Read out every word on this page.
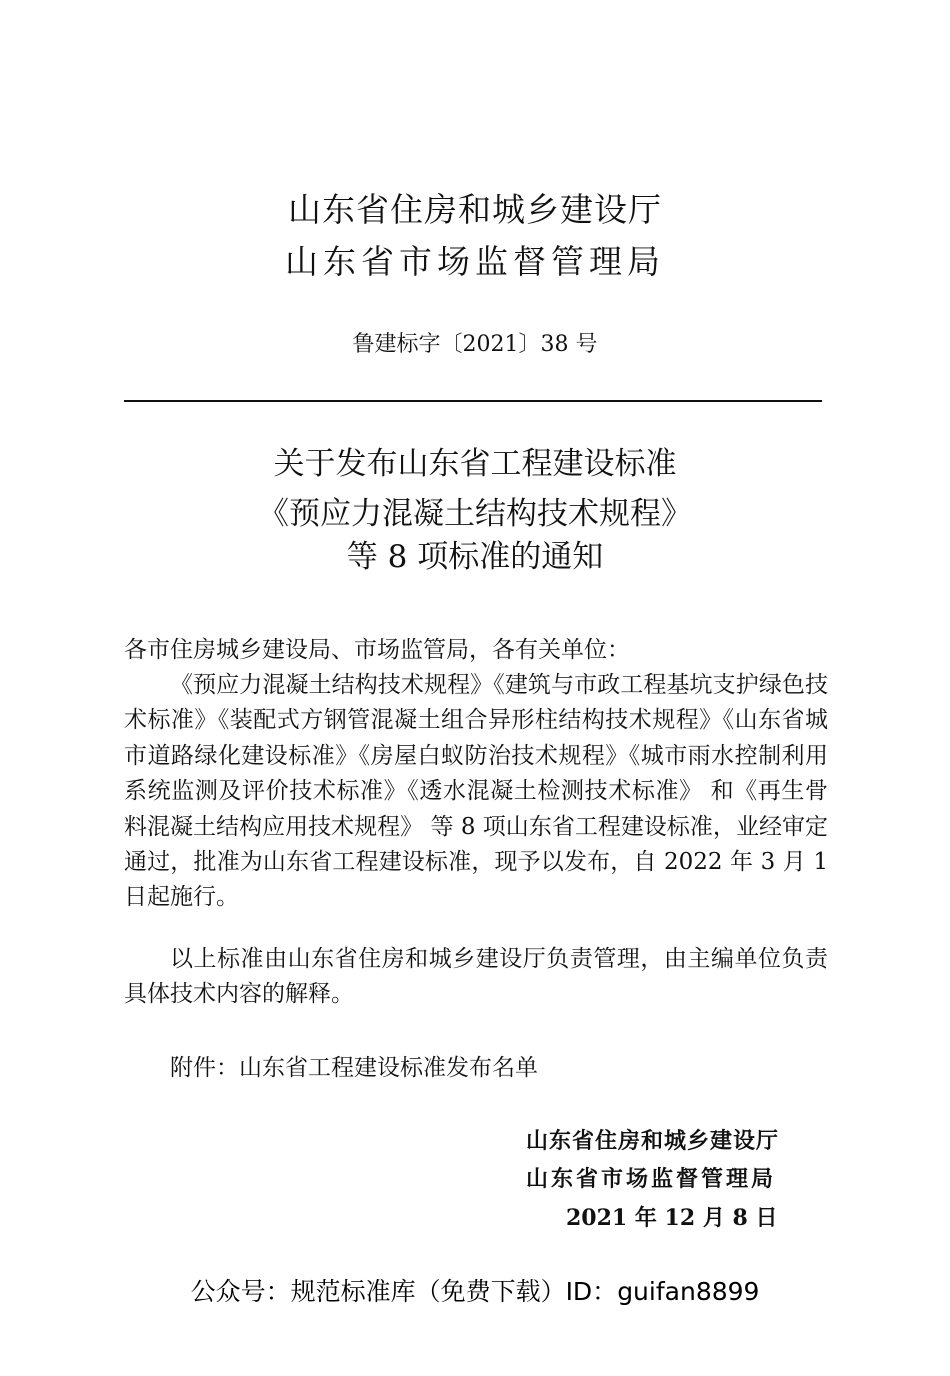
山东省住房和城乡建设厅
山东省市场监督管理局
鲁建标字〔2021〕38 号
关于发布山东省工程建设标准
《预应力混凝土结构技术规程》
等 8 项标准的通知
各市住房城乡建设局、市场监管局，各有关单位：
《预应力混凝土结构技术规程》《建筑与市政工程基坑支护绿色技术标准》《装配式方钢管混凝土组合异形柱结构技术规程》《山东省城市道路绿化建设标准》《房屋白蚁防治技术规程》《城市雨水控制利用系统监测及评价技术标准》《透水混凝土检测技术标准》 和《再生骨料混凝土结构应用技术规程》 等 8 项山东省工程建设标准，业经审定通过，批准为山东省工程建设标准，现予以发布，自 2022 年 3 月 1 日起施行。
以上标准由山东省住房和城乡建设厅负责管理，由主编单位负责具体技术内容的解释。
附件：山东省工程建设标准发布名单
山东省住房和城乡建设厅
山东省市场监督管理局
2021 年 12 月 8 日
公众号：规范标准库（免费下载）ID：guifan8899
